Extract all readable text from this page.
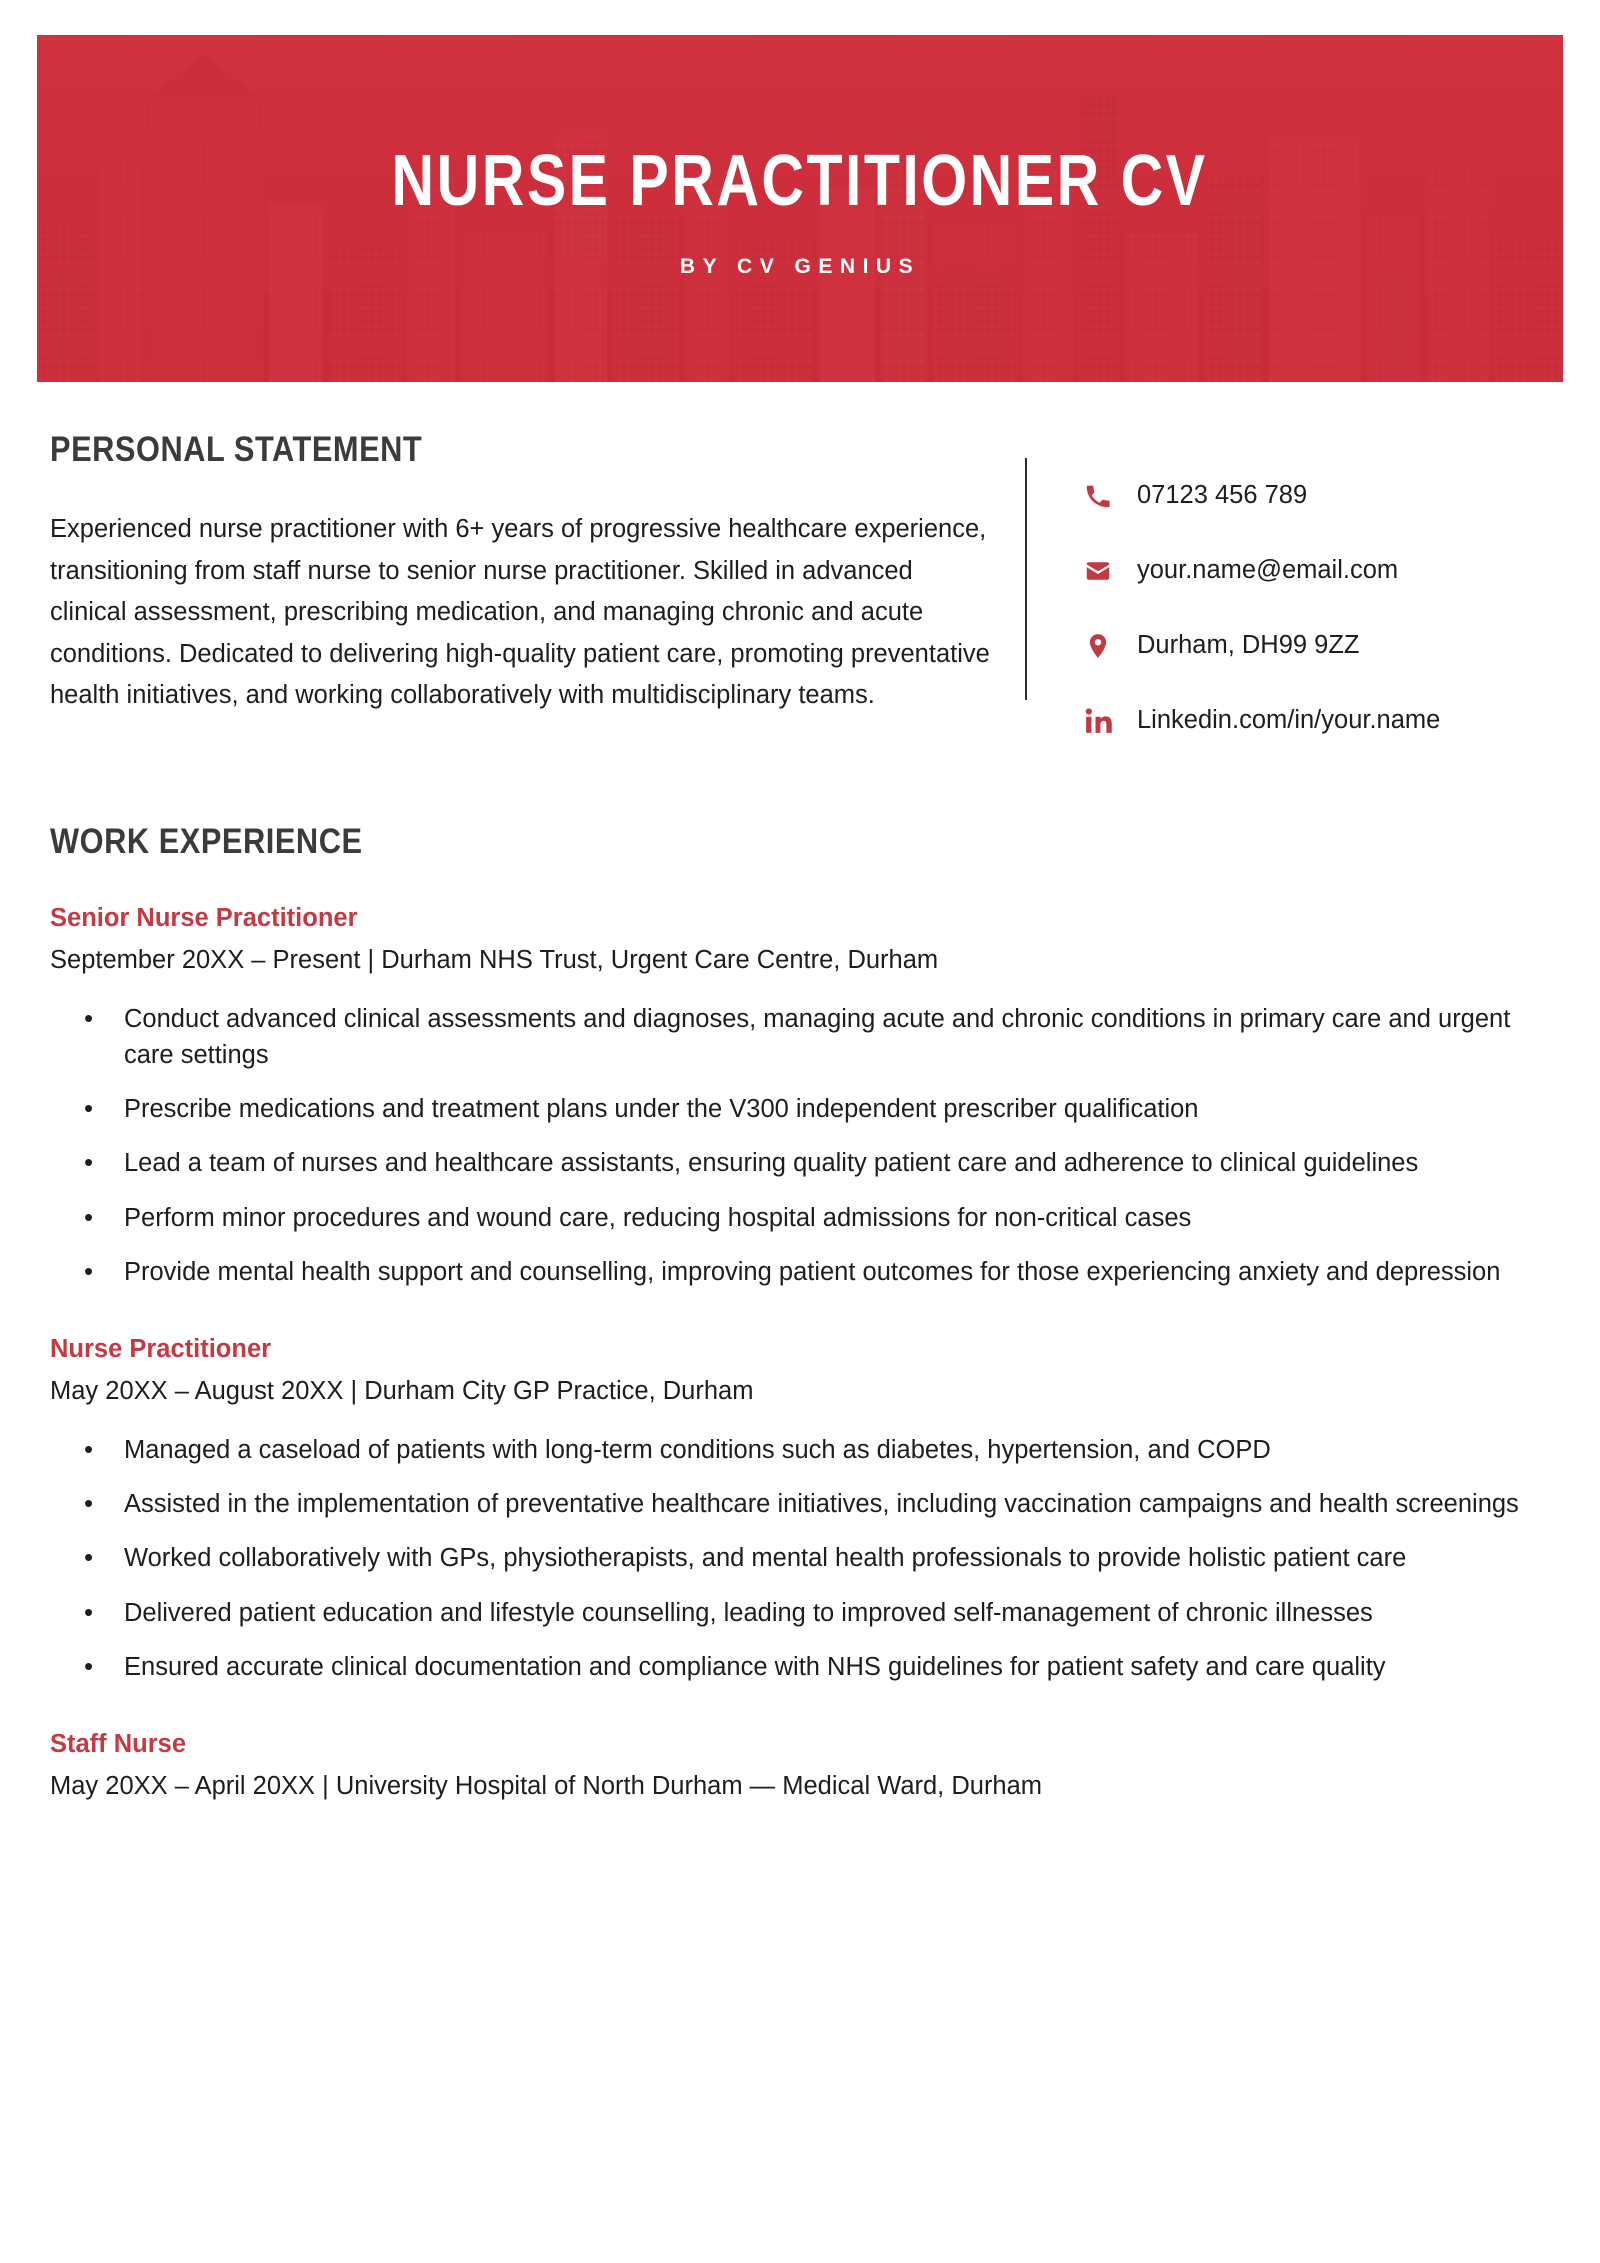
NURSE PRACTITIONER CV
BY CV GENIUS
PERSONAL STATEMENT

Experienced nurse practitioner with 6+ years of progressive healthcare experience, transitioning from staff nurse to senior nurse practitioner. Skilled in advanced clinical assessment, prescribing medication, and managing chronic and acute conditions. Dedicated to delivering high-quality patient care, promoting preventative health initiatives, and working collaboratively with multidisciplinary teams.

07123 456 789
your.name@email.com
Durham, DH99 9ZZ
Linkedin.com/in/your.name
WORK EXPERIENCE
Senior Nurse Practitioner
September 20XX – Present | Durham NHS Trust, Urgent Care Centre, Durham
• Conduct advanced clinical assessments and diagnoses, managing acute and chronic conditions in primary care and urgent care settings
• Prescribe medications and treatment plans under the V300 independent prescriber qualification
• Lead a team of nurses and healthcare assistants, ensuring quality patient care and adherence to clinical guidelines
• Perform minor procedures and wound care, reducing hospital admissions for non-critical cases
• Provide mental health support and counselling, improving patient outcomes for those experiencing anxiety and depression
Nurse Practitioner
May 20XX – August 20XX | Durham City GP Practice, Durham
• Managed a caseload of patients with long-term conditions such as diabetes, hypertension, and COPD
• Assisted in the implementation of preventative healthcare initiatives, including vaccination campaigns and health screenings
• Worked collaboratively with GPs, physiotherapists, and mental health professionals to provide holistic patient care
• Delivered patient education and lifestyle counselling, leading to improved self-management of chronic illnesses
• Ensured accurate clinical documentation and compliance with NHS guidelines for patient safety and care quality
Staff Nurse
May 20XX – April 20XX | University Hospital of North Durham — Medical Ward, Durham
